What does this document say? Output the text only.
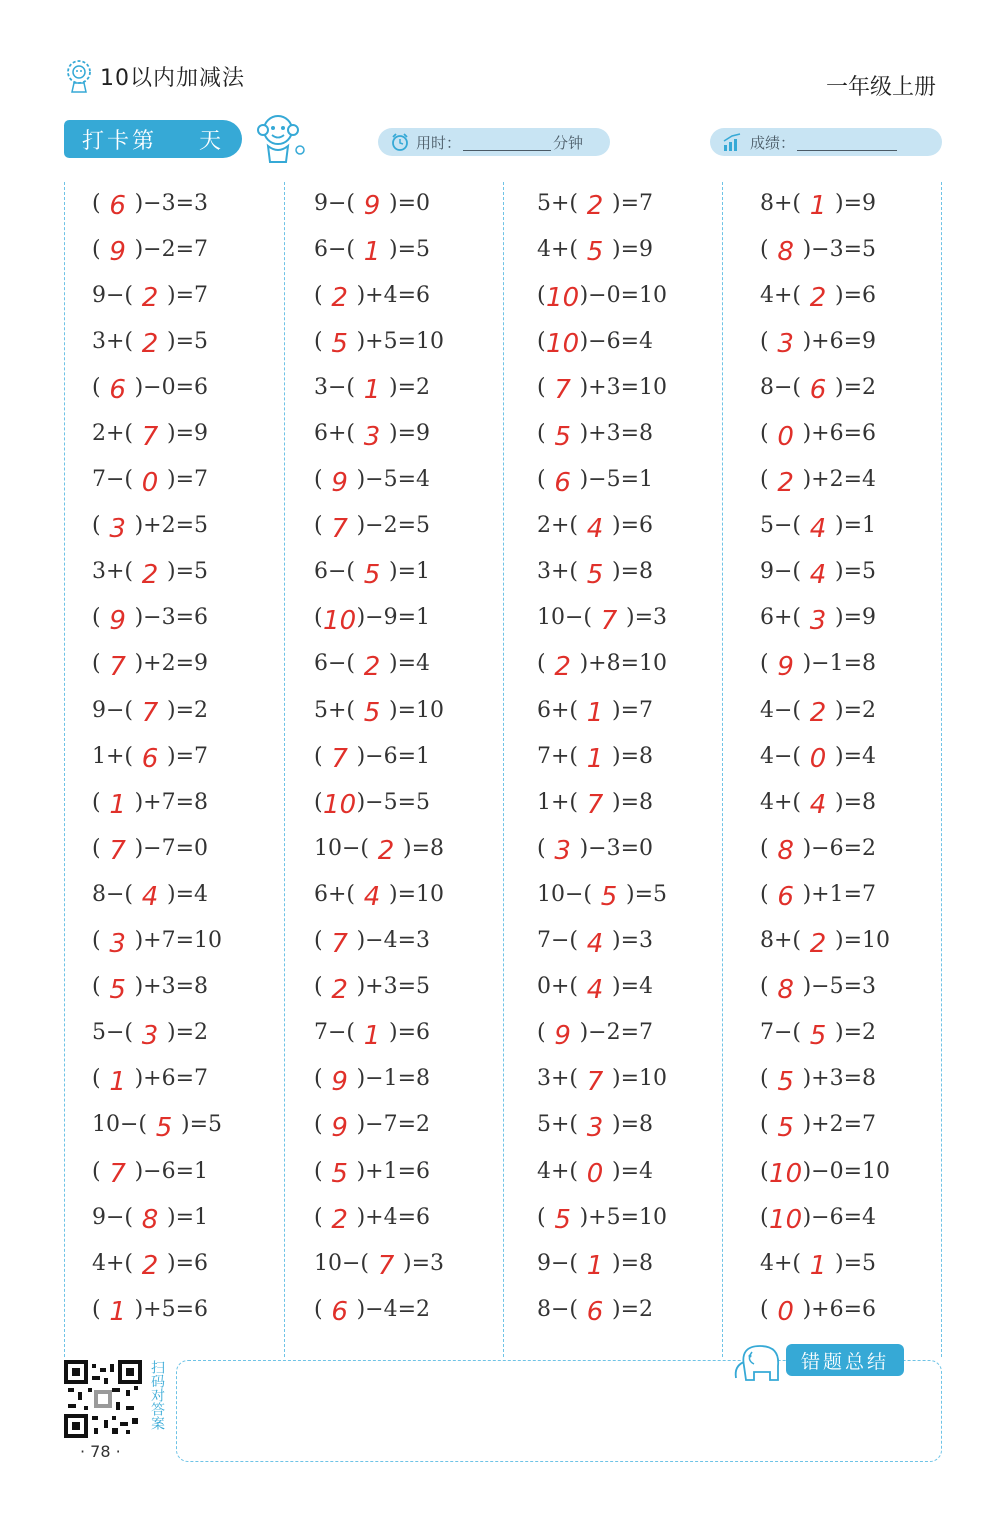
10以内加减法	一年级上册
打卡第 天	用时：	分钟	成绩：
( 6 )−3=3
( 9 )−2=7
9−( 2 )=7
3+( 2 )=5
( 6 )−0=6
2+( 7 )=9
7−( 0 )=7
( 3 )+2=5
3+( 2 )=5
( 9 )−3=6
( 7 )+2=9
9−( 7 )=2
1+( 6 )=7
( 1 )+7=8
( 7 )−7=0
8−( 4 )=4
( 3 )+7=10
( 5 )+3=8
5−( 3 )=2
( 1 )+6=7
10−( 5 )=5
( 7 )−6=1
9−( 8 )=1
4+( 2 )=6
( 1 )+5=6
9−( 9 )=0
6−( 1 )=5
( 2 )+4=6
( 5 )+5=10
3−( 1 )=2
6+( 3 )=9
( 9 )−5=4
( 7 )−2=5
6−( 5 )=1
( 10 )−9=1
6−( 2 )=4
5+( 5 )=10
( 7 )−6=1
( 10 )−5=5
10−( 2 )=8
6+( 4 )=10
( 7 )−4=3
( 2 )+3=5
7−( 1 )=6
( 9 )−1=8
( 9 )−7=2
( 5 )+1=6
( 2 )+4=6
10−( 7 )=3
( 6 )−4=2
5+( 2 )=7
4+( 5 )=9
( 10 )−0=10
( 10 )−6=4
( 7 )+3=10
( 5 )+3=8
( 6 )−5=1
2+( 4 )=6
3+( 5 )=8
10−( 7 )=3
( 2 )+8=10
6+( 1 )=7
7+( 1 )=8
1+( 7 )=8
( 3 )−3=0
10−( 5 )=5
7−( 4 )=3
0+( 4 )=4
( 9 )−2=7
3+( 7 )=10
5+( 3 )=8
4+( 0 )=4
( 5 )+5=10
9−( 1 )=8
8−( 6 )=2
8+( 1 )=9
( 8 )−3=5
4+( 2 )=6
( 3 )+6=9
8−( 6 )=2
( 0 )+6=6
( 2 )+2=4
5−( 4 )=1
9−( 4 )=5
6+( 3 )=9
( 9 )−1=8
4−( 2 )=2
4−( 0 )=4
4+( 4 )=8
( 8 )−6=2
( 6 )+1=7
8+( 2 )=10
( 8 )−5=3
7−( 5 )=2
( 5 )+3=8
( 5 )+2=7
( 10 )−0=10
( 10 )−6=4
4+( 1 )=5
( 0 )+6=6
错题总结
扫码对答案
· 78 ·
